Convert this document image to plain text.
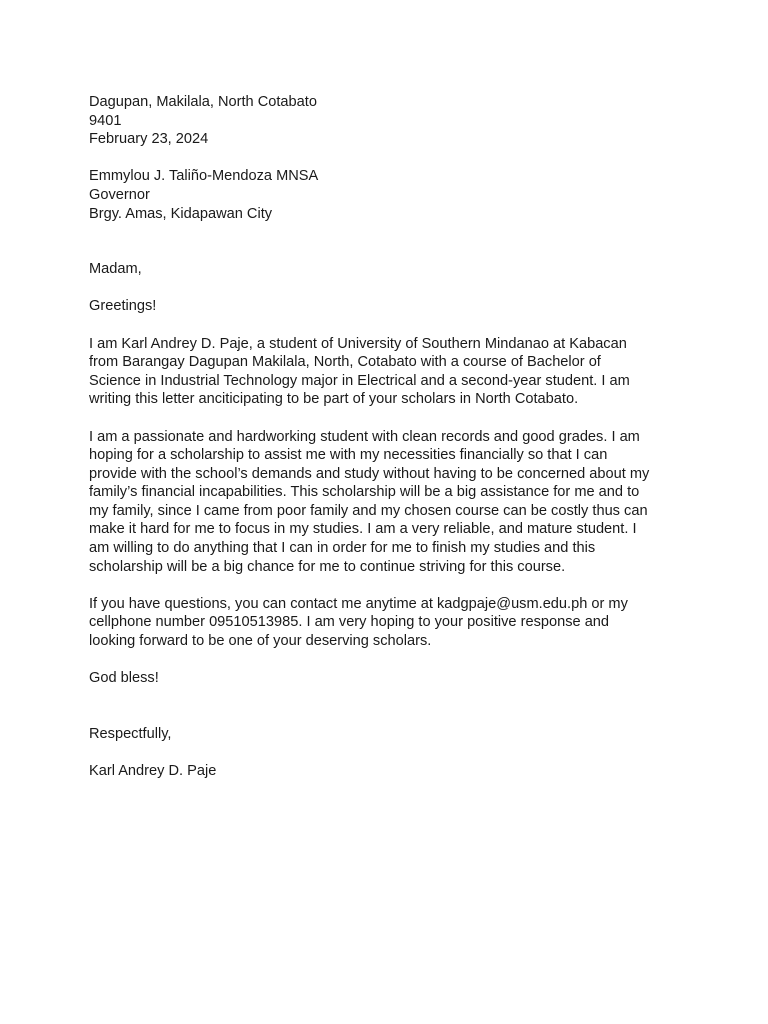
Dagupan, Makilala, North Cotabato
9401
February 23, 2024
Emmylou J. Taliño-Mendoza MNSA
Governor
Brgy. Amas, Kidapawan City

Madam,

Greetings!

I am Karl Andrey D. Paje, a student of University of Southern Mindanao at Kabacan
from Barangay Dagupan Makilala, North, Cotabato with a course of Bachelor of
Science in Industrial Technology major in Electrical and a second-year student. I am
writing this letter anciticipating to be part of your scholars in North Cotabato.
I am a passionate and hardworking student with clean records and good grades. I am
hoping for a scholarship to assist me with my necessities financially so that I can
provide with the school’s demands and study without having to be concerned about my
family’s financial incapabilities. This scholarship will be a big assistance for me and to
my family, since I came from poor family and my chosen course can be costly thus can
make it hard for me to focus in my studies. I am a very reliable, and mature student. I
am willing to do anything that I can in order for me to finish my studies and this
scholarship will be a big chance for me to continue striving for this course.
If you have questions, you can contact me anytime at kadgpaje@usm.edu.ph or my
cellphone number 09510513985. I am very hoping to your positive response and
looking forward to be one of your deserving scholars.

God bless!

Respectfully,

Karl Andrey D. Paje
